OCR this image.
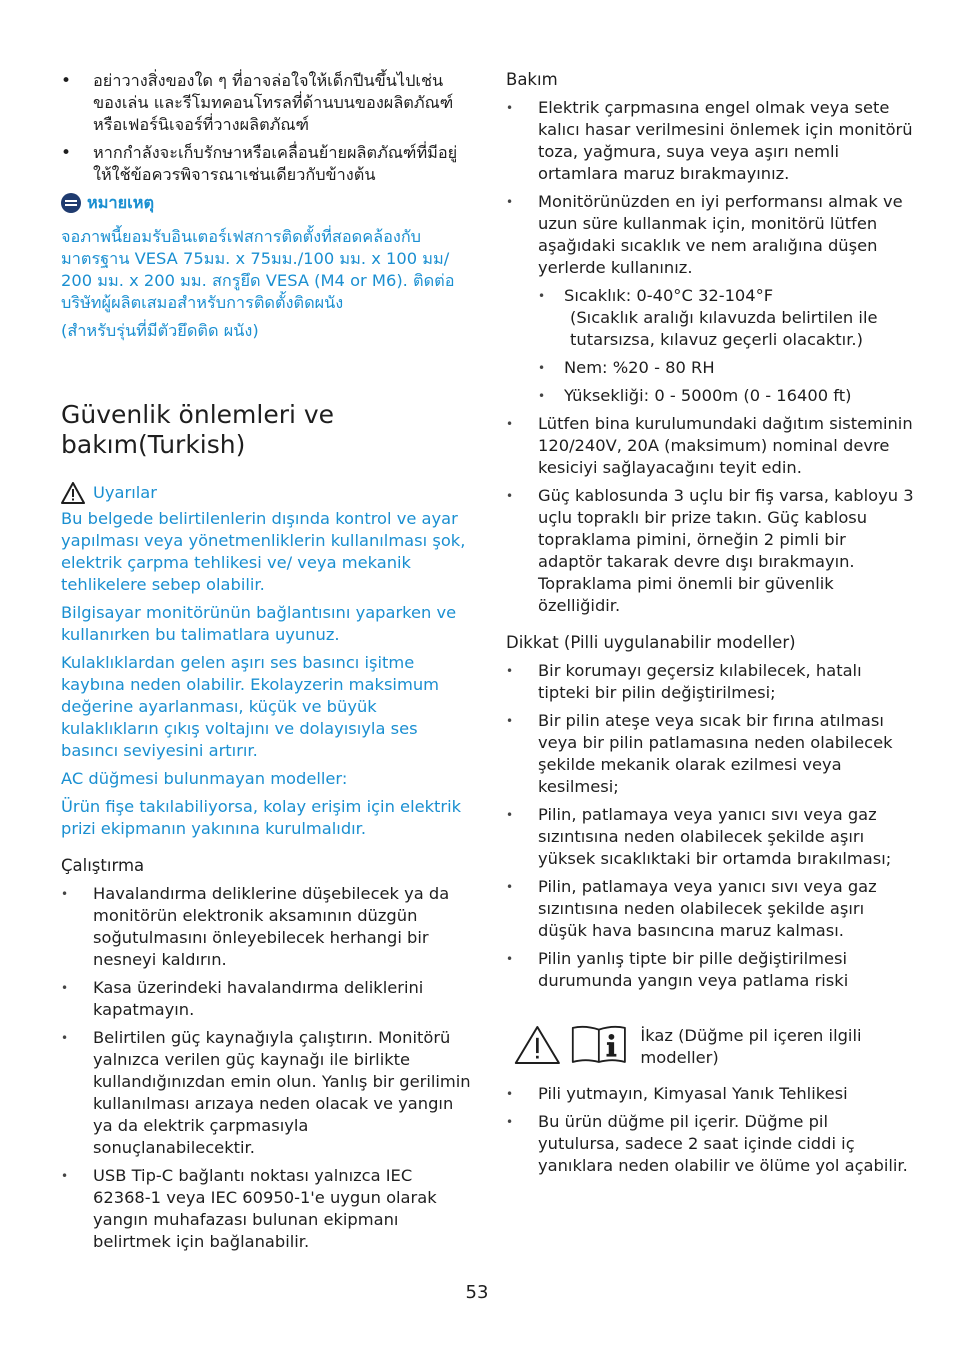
• อย่าวางสิ่งของใด ๆ ที่อาจล่อใจให้เด็กปีนขึ้นไปเช่น ของเล่น และรีโมทคอนโทรลที่ด้านบนของผลิตภัณฑ์หรือเฟอร์นิเจอร์ที่วางผลิตภัณฑ์
• หากกำลังจะเก็บรักษาหรือเคลื่อนย้ายผลิตภัณฑ์ที่มีอยู่ ให้ใช้ข้อควรพิจารณาเช่นเดียวกับข้างต้น
หมายเหตุ

จอภาพนี้ยอมรับอินเตอร์เฟสการติดตั้งที่สอดคล้องกับมาตรฐาน VESA 75มม. x 75มม./100 มม. x 100 มม/ 200 มม. x 200 มม. สกรูยึด VESA (M4 or M6). ติดต่อบริษัทผู้ผลิตเสมอสำหรับการติดตั้งติดผนัง

(สำหรับรุ่นที่มีตัวยึดติด ผนัง)

Güvenlik önlemleri ve bakım(Turkish)
Uyarılar

Bu belgede belirtilenlerin dışında kontrol ve ayar yapılması veya yönetmenliklerin kullanılması şok, elektrik çarpma tehlikesi ve/ veya mekanik tehlikelere sebep olabilir.

Bilgisayar monitörünün bağlantısını yaparken ve kullanırken bu talimatlara uyunuz.

Kulaklıklardan gelen aşırı ses basıncı işitme kaybına neden olabilir. Ekolayzerin maksimum değerine ayarlanması, küçük ve büyük kulaklıkların çıkış voltajını ve dolayısıyla ses basıncı seviyesini artırır.

AC düğmesi bulunmayan modeller:

Ürün fişe takılabiliyorsa, kolay erişim için elektrik prizi ekipmanın yakınına kurulmalıdır.

Çalıştırma
• Havalandırma deliklerine düşebilecek ya da monitörün elektronik aksamının düzgün soğutulmasını önleyebilecek herhangi bir nesneyi kaldırın.
• Kasa üzerindeki havalandırma deliklerini kapatmayın.
• Belirtilen güç kaynağıyla çalıştırın. Monitörü yalnızca verilen güç kaynağı ile birlikte kullandığınızdan emin olun. Yanlış bir gerilimin kullanılması arızaya neden olacak ve yangın ya da elektrik çarpmasıyla sonuçlanabilecektir.
• USB Tip-C bağlantı noktası yalnızca IEC 62368-1 veya IEC 60950-1'e uygun olarak yangın muhafazası bulunan ekipmanı belirtmek için bağlanabilir.
Bakım
• Elektrik çarpmasına engel olmak veya sete kalıcı hasar verilmesini önlemek için monitörü toza, yağmura, suya veya aşırı nemli ortamlara maruz bırakmayınız.
• Monitörünüzden en iyi performansı almak ve uzun süre kullanmak için, monitörü lütfen aşağıdaki sıcaklık ve nem aralığına düşen yerlerde kullanınız.
• Sıcaklık: 0-40°C 32-104°F
(Sıcaklık aralığı kılavuzda belirtilen ile tutarsızsa, kılavuz geçerli olacaktır.)
• Nem: %20 - 80 RH
• Yüksekliği: 0 - 5000m (0 - 16400 ft)
• Lütfen bina kurulumundaki dağıtım sisteminin 120/240V, 20A (maksimum) nominal devre kesiciyi sağlayacağını teyit edin.
• Güç kablosunda 3 uçlu bir fiş varsa, kabloyu 3 uçlu topraklı bir prize takın. Güç kablosu topraklama pimini, örneğin 2 pimli bir adaptör takarak devre dışı bırakmayın. Topraklama pimi önemli bir güvenlik özelliğidir.
Dikkat (Pilli uygulanabilir modeller)
• Bir korumayı geçersiz kılabilecek, hatalı tipteki bir pilin değiştirilmesi;
• Bir pilin ateşe veya sıcak bir fırına atılması veya bir pilin patlamasına neden olabilecek şekilde mekanik olarak ezilmesi veya kesilmesi;
• Pilin, patlamaya veya yanıcı sıvı veya gaz sızıntısına neden olabilecek şekilde aşırı yüksek sıcaklıktaki bir ortamda bırakılması;
• Pilin, patlamaya veya yanıcı sıvı veya gaz sızıntısına neden olabilecek şekilde aşırı düşük hava basıncına maruz kalması.
• Pilin yanlış tipte bir pille değiştirilmesi durumunda yangın veya patlama riski
İkaz (Düğme pil içeren ilgili modeller)
• Pili yutmayın, Kimyasal Yanık Tehlikesi
• Bu ürün düğme pil içerir. Düğme pil yutulursa, sadece 2 saat içinde ciddi iç yanıklara neden olabilir ve ölüme yol açabilir.
53
